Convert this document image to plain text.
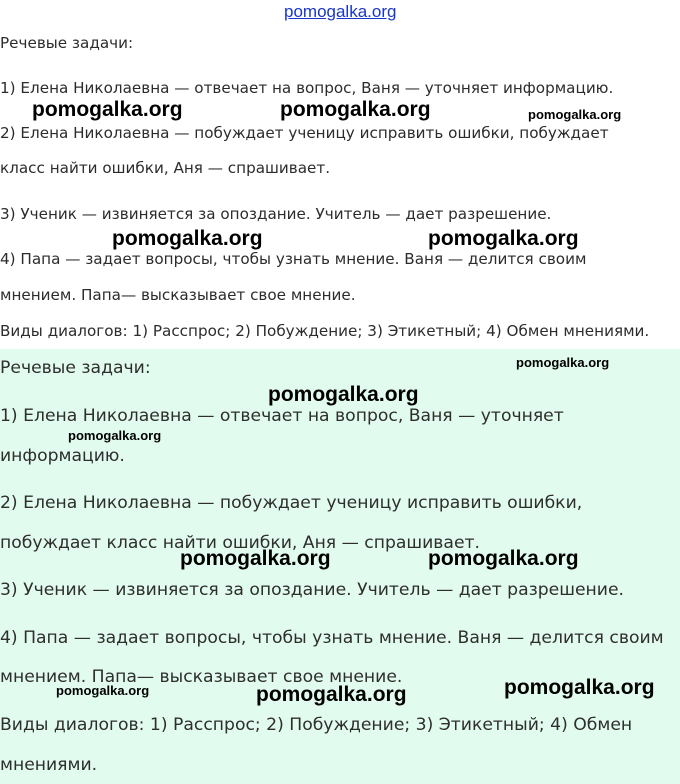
pomogalka.org
Речевые задачи:
1) Елена Николаевна — отвечает на вопрос, Ваня — уточняет информацию.
2) Елена Николаевна — побуждает ученицу исправить ошибки, побуждает
класс найти ошибки, Аня — спрашивает.
3) Ученик — извиняется за опоздание. Учитель — дает разрешение.
4) Папа — задает вопросы, чтобы узнать мнение. Ваня — делится своим
мнением. Папа— высказывает свое мнение.
Виды диалогов: 1) Расспрос; 2) Побуждение; 3) Этикетный; 4) Обмен мнениями.
Речевые задачи:
1) Елена Николаевна — отвечает на вопрос, Ваня — уточняет
информацию.
2) Елена Николаевна — побуждает ученицу исправить ошибки,
побуждает класс найти ошибки, Аня — спрашивает.
3) Ученик — извиняется за опоздание. Учитель — дает разрешение.
4) Папа — задает вопросы, чтобы узнать мнение. Ваня — делится своим
мнением. Папа— высказывает свое мнение.
Виды диалогов: 1) Расспрос; 2) Побуждение; 3) Этикетный; 4) Обмен
мнениями.
pomogalka.org	pomogalka.org	pomogalka.org
pomogalka.org	pomogalka.org
pomogalka.org
pomogalka.org
pomogalka.org
pomogalka.org	pomogalka.org
pomogalka.org	pomogalka.org	pomogalka.org
